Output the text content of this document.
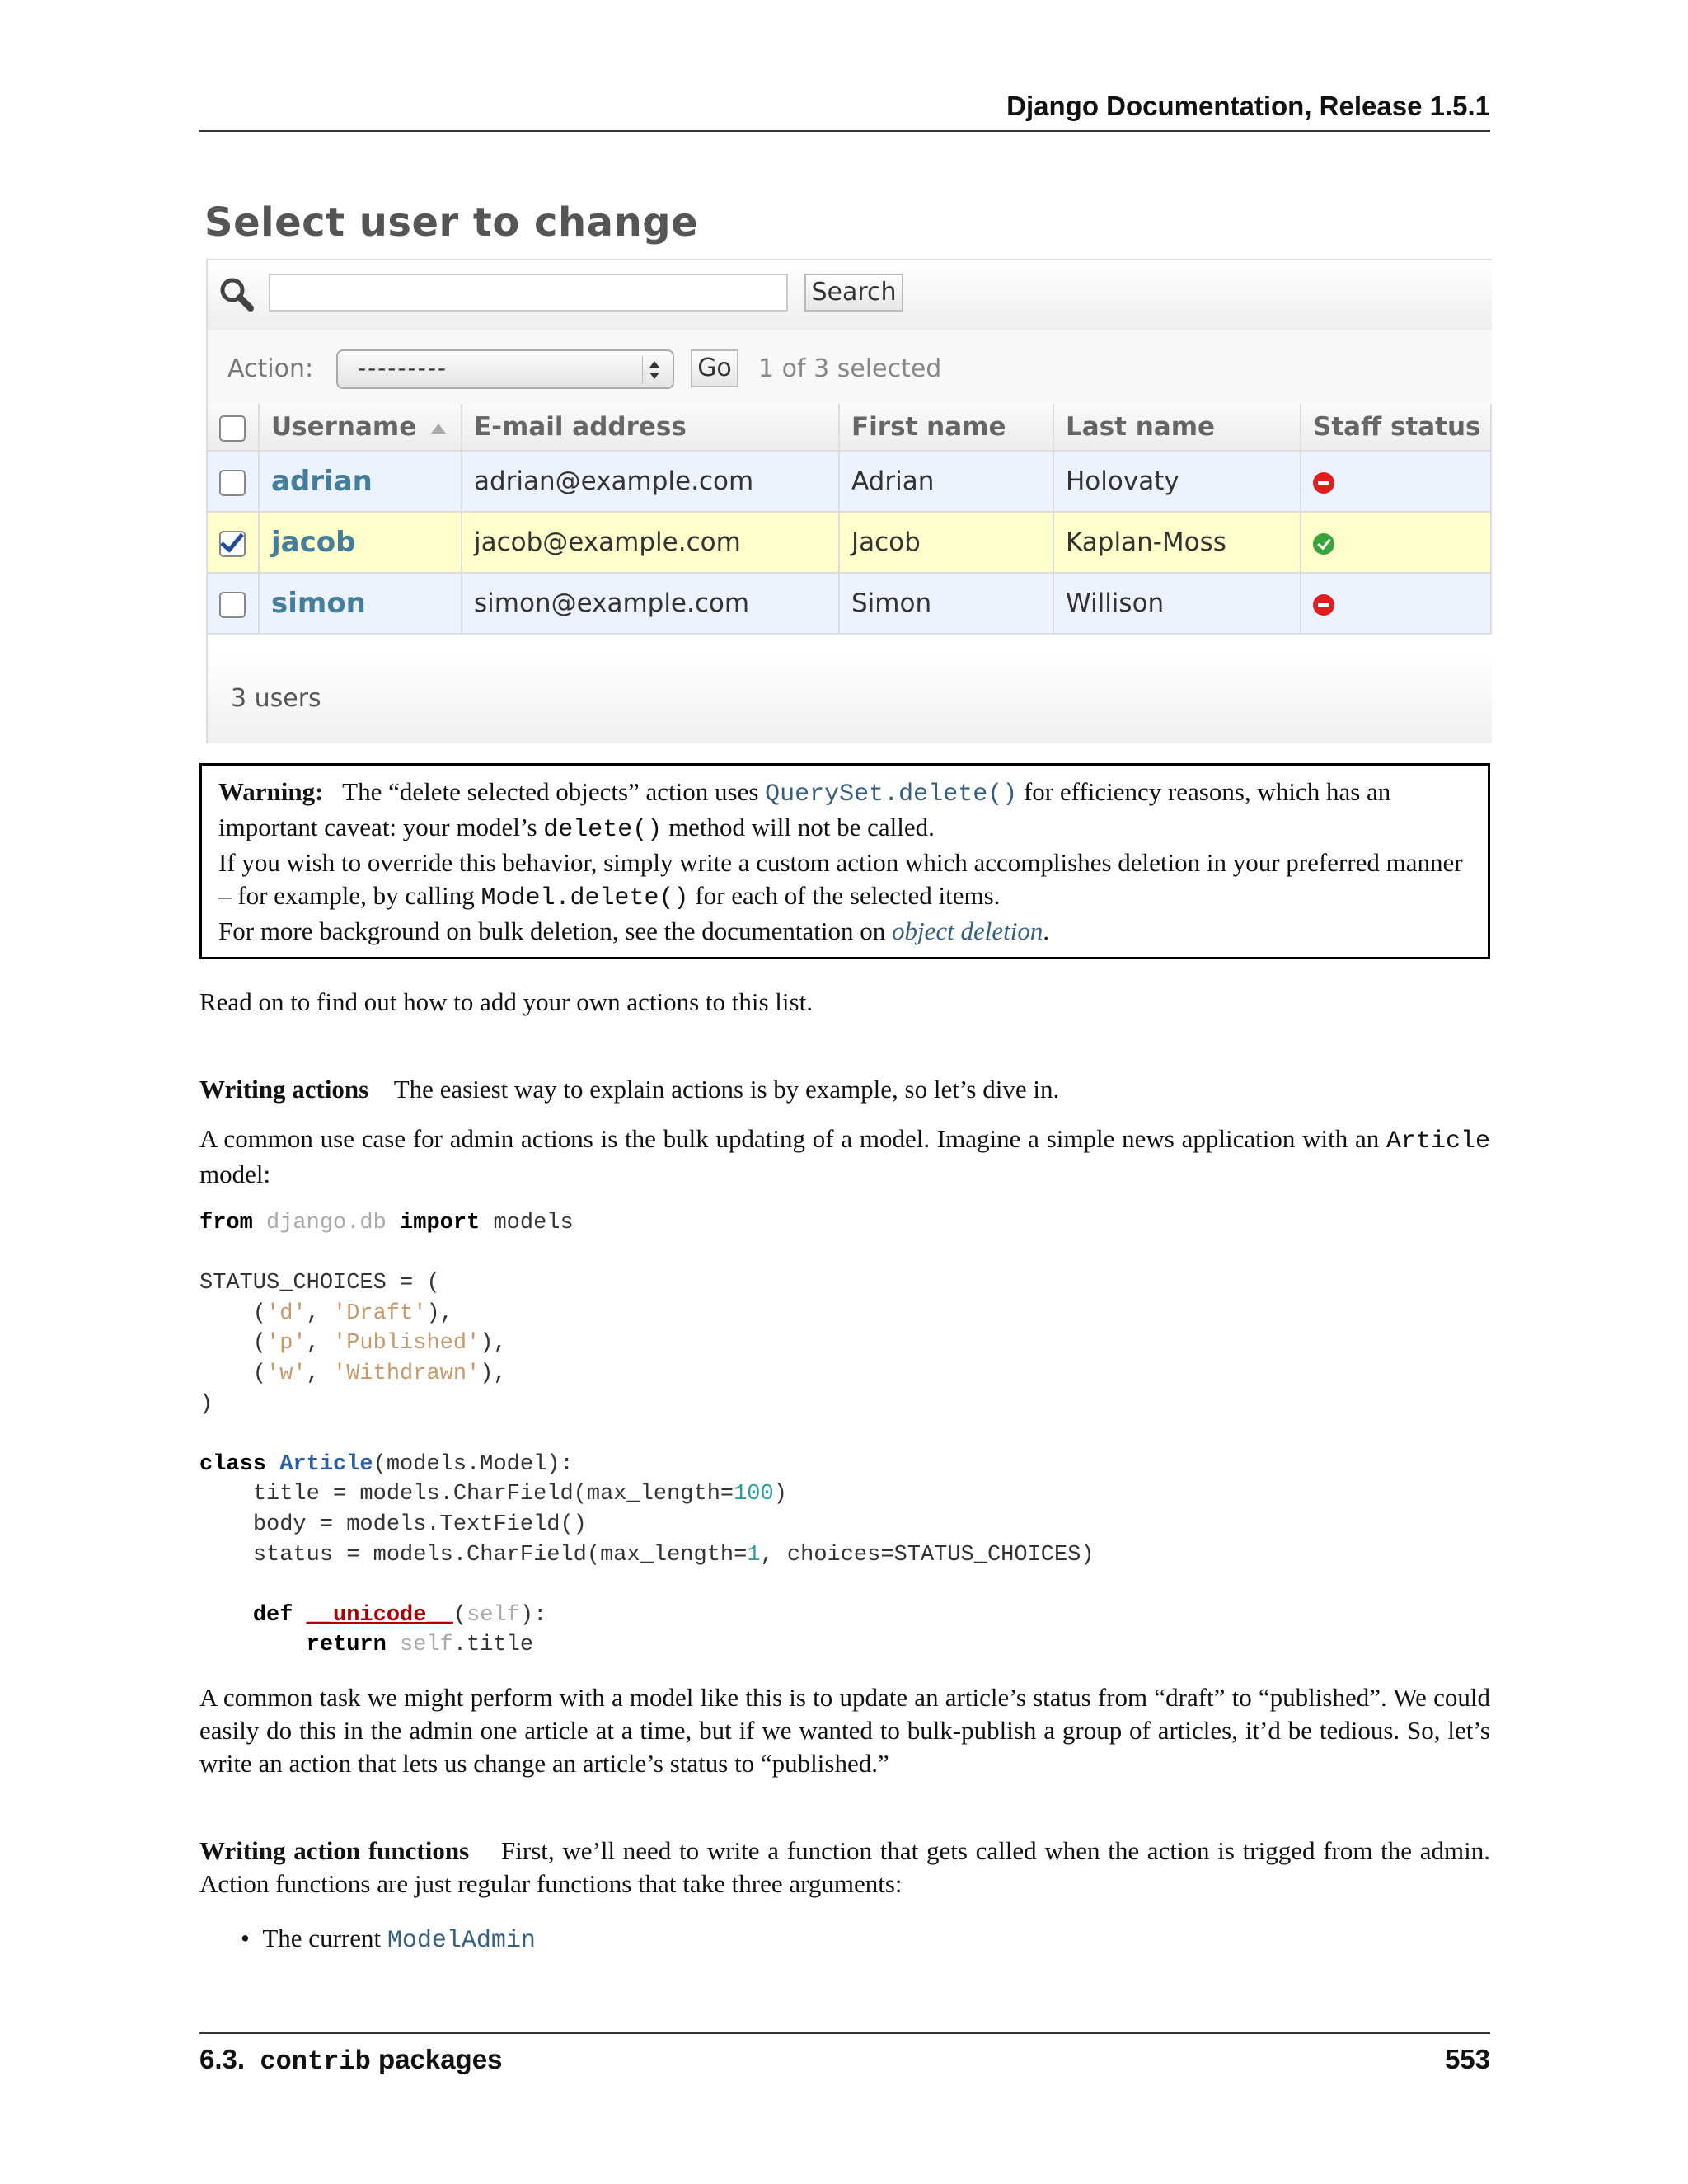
Django Documentation, Release 1.5.1
Select user to change
Search
Action: ---------	Go 1 of 3 selected
	Username	E-mail address	First name	Last name	Staff status
	adrian	adrian@example.com	Adrian	Holovaty	
	jacob	jacob@example.com	Jacob	Kaplan-Moss	
	simon	simon@example.com	Simon	Willison	
3 users
Warning: The “delete selected objects” action uses QuerySet.delete() for efficiency reasons, which has an important caveat: your model’s delete() method will not be called.
If you wish to override this behavior, simply write a custom action which accomplishes deletion in your preferred manner – for example, by calling Model.delete() for each of the selected items.
For more background on bulk deletion, see the documentation on object deletion.
Read on to find out how to add your own actions to this list.
Writing actions The easiest way to explain actions is by example, so let’s dive in.
A common use case for admin actions is the bulk updating of a model. Imagine a simple news application with an Article model:
from django.db import models

STATUS_CHOICES = (
('d', 'Draft'),
('p', 'Published'),
('w', 'Withdrawn'),
)

class Article(models.Model):
title = models.CharField(max_length=100)
body = models.TextField()
status = models.CharField(max_length=1, choices=STATUS_CHOICES)

def __unicode__(self):
return self.title
A common task we might perform with a model like this is to update an article’s status from “draft” to “published”. We could easily do this in the admin one article at a time, but if we wanted to bulk-publish a group of articles, it’d be tedious. So, let’s write an action that lets us change an article’s status to “published.”
Writing action functions First, we’ll need to write a function that gets called when the action is trigged from the admin. Action functions are just regular functions that take three arguments:
•  The current ModelAdmin
6.3. contrib packages	553
